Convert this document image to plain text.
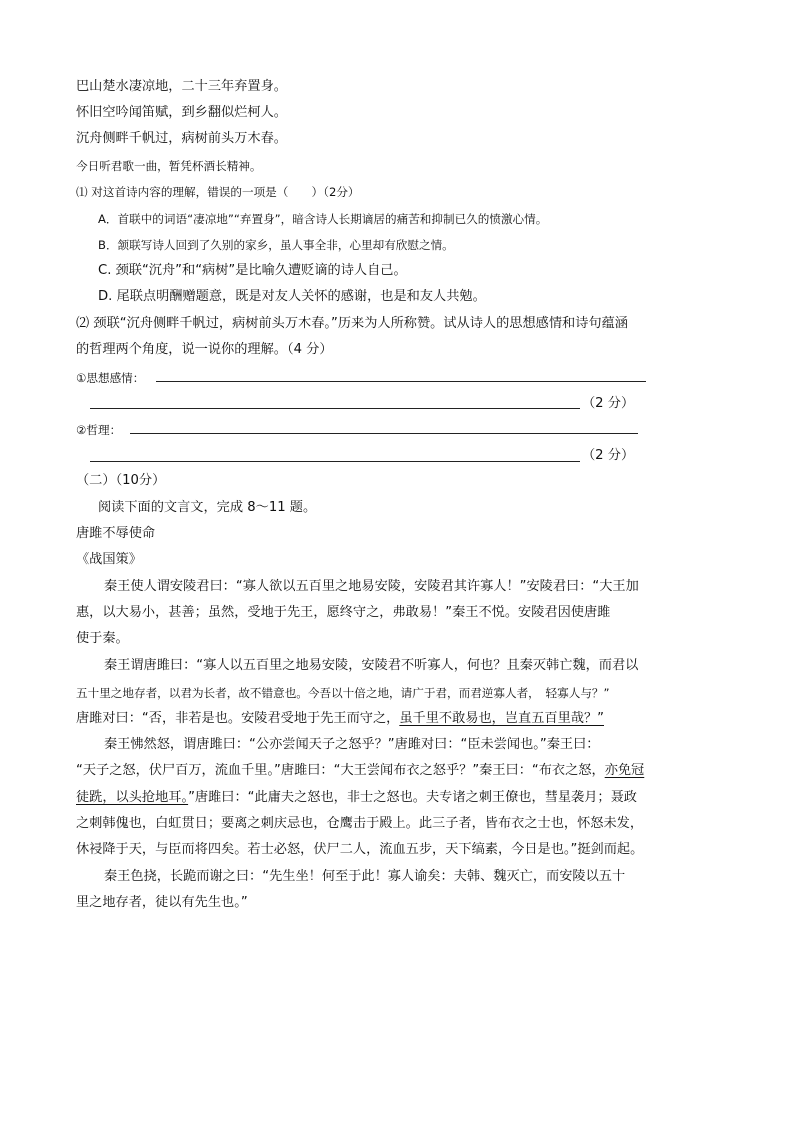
巴山楚水凄凉地，二十三年弃置身。
怀旧空吟闻笛赋，到乡翻似烂柯人。
沉舟侧畔千帆过，病树前头万木春。
今日听君歌一曲，暂凭杯酒长精神。
⑴ 对这首诗内容的理解，错误的一项是（　　）（2分）
A．首联中的词语“凄凉地”“弃置身”，暗含诗人长期谪居的痛苦和抑制已久的愤激心情。
B．颔联写诗人回到了久别的家乡，虽人事全非，心里却有欣慰之情。
C. 颈联“沉舟”和“病树”是比喻久遭贬谪的诗人自己。
D. 尾联点明酬赠题意，既是对友人关怀的感谢，也是和友人共勉。
⑵ 颈联“沉舟侧畔千帆过，病树前头万木春。”历来为人所称赞。试从诗人的思想感情和诗句蕴涵
的哲理两个角度，说一说你的理解。（4 分）
①思想感情：
（2 分）
②哲理：
（2 分）
（二）（10分）
阅读下面的文言文，完成 8～11 题。
唐雎不辱使命
《战国策》
秦王使人谓安陵君曰：“寡人欲以五百里之地易安陵，安陵君其许寡人！”安陵君曰：“大王加
惠，以大易小，甚善；虽然，受地于先王，愿终守之，弗敢易！”秦王不悦。安陵君因使唐雎
使于秦。
秦王谓唐雎曰：“寡人以五百里之地易安陵，安陵君不听寡人，何也？且秦灭韩亡魏，而君以
五十里之地存者，以君为长者，故不错意也。今吾以十倍之地，请广于君，而君逆寡人者，　轻寡人与？”
唐雎对曰：“否，非若是也。安陵君受地于先王而守之，虽千里不敢易也，岂直五百里哉？”
秦王怫然怒，谓唐雎曰：“公亦尝闻天子之怒乎？”唐雎对曰：“臣未尝闻也。”秦王曰：
“天子之怒，伏尸百万，流血千里。”唐雎曰：“大王尝闻布衣之怒乎？”秦王曰：“布衣之怒，亦免冠
徒跣，以头抢地耳。”唐雎曰：“此庸夫之怒也，非士之怒也。夫专诸之刺王僚也，彗星袭月；聂政
之刺韩傀也，白虹贯日；要离之刺庆忌也，仓鹰击于殿上。此三子者，皆布衣之士也，怀怒未发，
休祲降于天，与臣而将四矣。若士必怒，伏尸二人，流血五步，天下缟素，今日是也。”挺剑而起。
秦王色挠，长跪而谢之曰：“先生坐！何至于此！寡人谕矣：夫韩、魏灭亡，而安陵以五十
里之地存者，徒以有先生也。”
